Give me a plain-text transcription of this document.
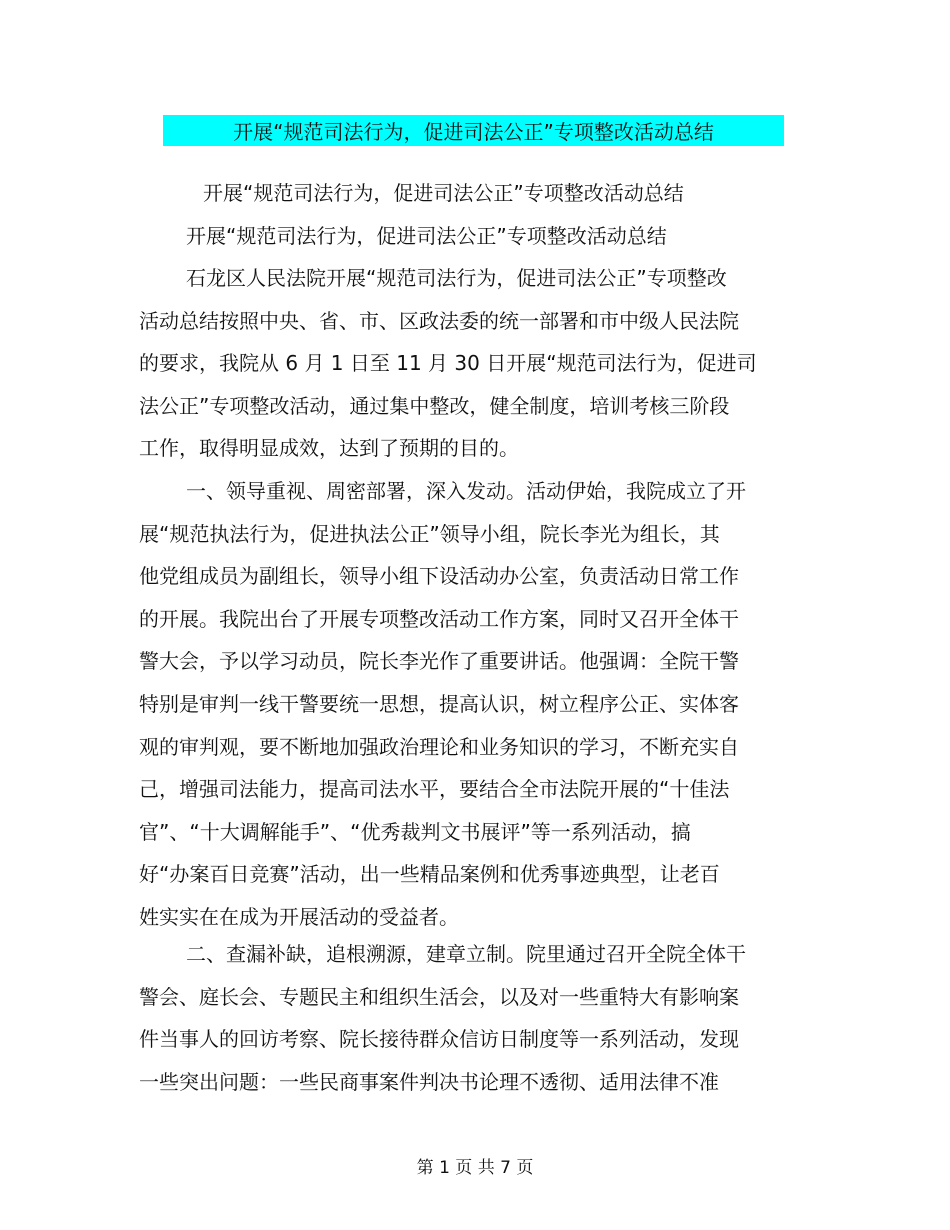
开展“规范司法行为，促进司法公正”专项整改活动总结
开展“规范司法行为，促进司法公正”专项整改活动总结
开展“规范司法行为，促进司法公正”专项整改活动总结
石龙区人民法院开展“规范司法行为，促进司法公正”专项整改
活动总结按照中央、省、市、区政法委的统一部署和市中级人民法院
的要求，我院从 6 月 1 日至 11 月 30 日开展“规范司法行为，促进司
法公正”专项整改活动，通过集中整改，健全制度，培训考核三阶段
工作，取得明显成效，达到了预期的目的。
一、领导重视、周密部署，深入发动。活动伊始，我院成立了开
展“规范执法行为，促进执法公正”领导小组，院长李光为组长，其
他党组成员为副组长，领导小组下设活动办公室，负责活动日常工作
的开展。我院出台了开展专项整改活动工作方案，同时又召开全体干
警大会，予以学习动员，院长李光作了重要讲话。他强调：全院干警
特别是审判一线干警要统一思想，提高认识，树立程序公正、实体客
观的审判观，要不断地加强政治理论和业务知识的学习，不断充实自
己，增强司法能力，提高司法水平，要结合全市法院开展的“十佳法
官”、“十大调解能手”、“优秀裁判文书展评”等一系列活动，搞
好“办案百日竞赛”活动，出一些精品案例和优秀事迹典型，让老百
姓实实在在成为开展活动的受益者。
二、查漏补缺，追根溯源，建章立制。院里通过召开全院全体干
警会、庭长会、专题民主和组织生活会，以及对一些重特大有影响案
件当事人的回访考察、院长接待群众信访日制度等一系列活动，发现
一些突出问题：一些民商事案件判决书论理不透彻、适用法律不准
第 1 页 共 7 页
